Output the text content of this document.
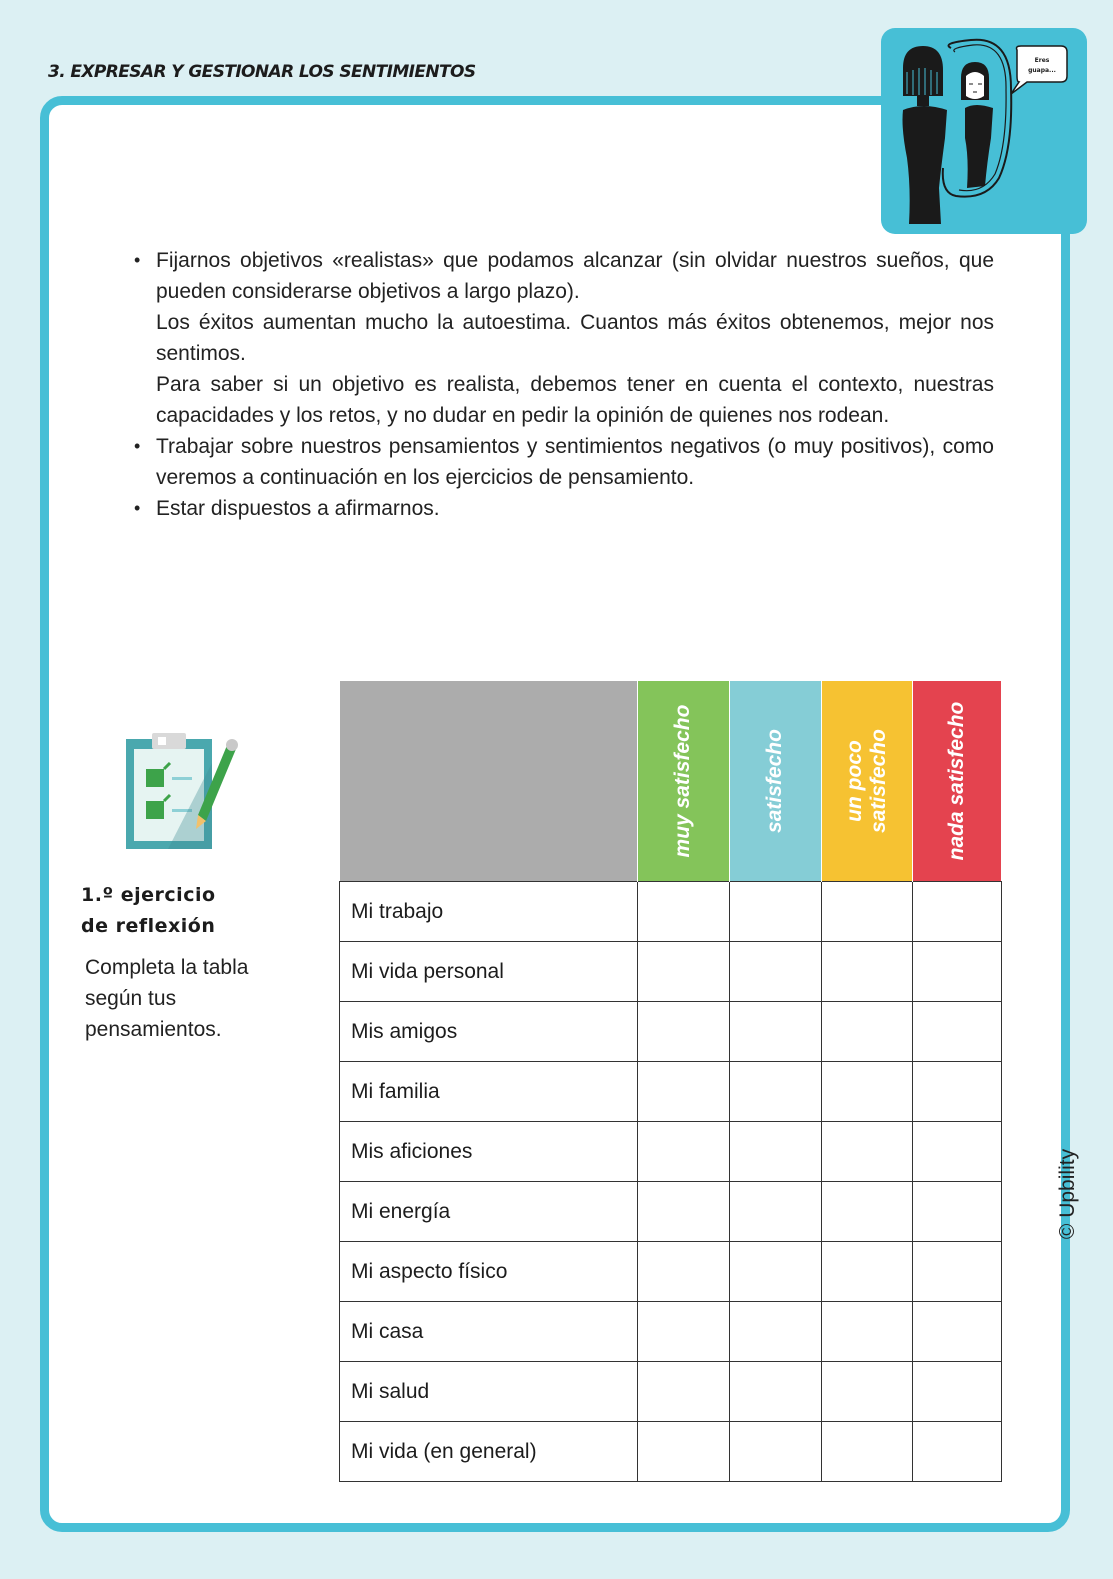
3. EXPRESAR Y GESTIONAR LOS SENTIMIENTOS
Eres
guapa...

• Fijarnos objetivos «realistas» que podamos alcanzar (sin olvidar nuestros sueños, que pueden considerarse objetivos a largo plazo).

Los éxitos aumentan mucho la autoestima. Cuantos más éxitos obtenemos, mejor nos sentimos.

Para saber si un objetivo es realista, debemos tener en cuenta el contexto, nuestras capacidades y los retos, y no dudar en pedir la opinión de quienes nos rodean.

• Trabajar sobre nuestros pensamientos y sentimientos negativos (o muy positivos), como veremos a continuación en los ejercicios de pensamiento.

• Estar dispuestos a afirmarnos.

1.º ejercicio
de reflexión
Completa la tabla según tus pensamientos.

	muy satisfecho	satisfecho	un poco satisfecho	nada satisfecho

Mi trabajo				
Mi vida personal				
Mis amigos				
Mi familia				
Mis aficiones				
Mi energía				
Mi aspecto físico				
Mi casa				
Mi salud				
Mi vida (en general)				
© Upbility
